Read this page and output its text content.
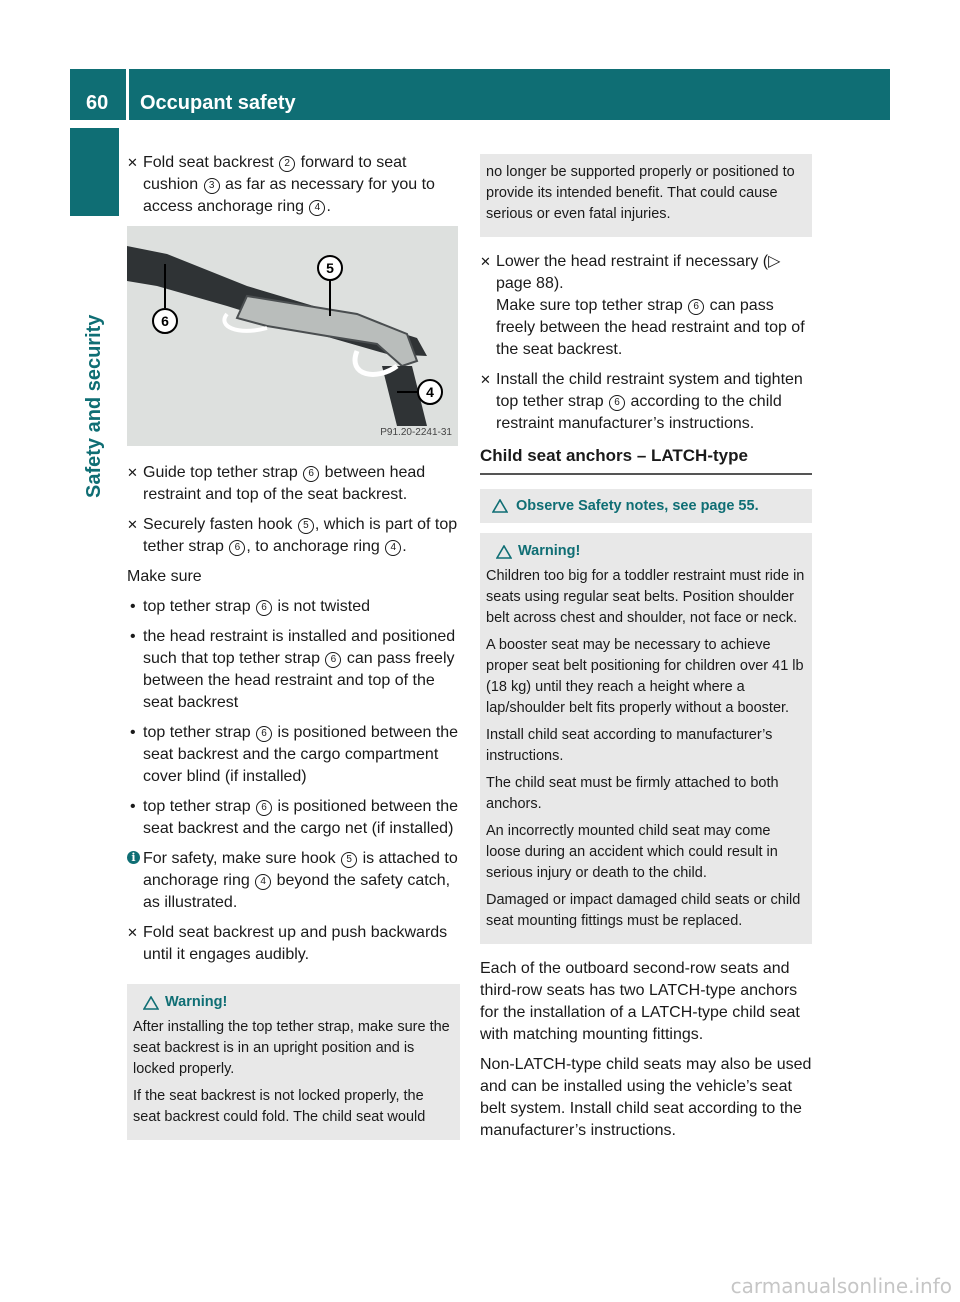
60	Occupant safety
Safety and security
✕ Fold seat backrest 2 forward to seat cushion 3 as far as necessary for you to access anchorage ring 4 .
5
6
4
P91.20-2241-31
✕ Guide top tether strap 6 between head restraint and top of the seat backrest.
✕ Securely fasten hook 5 , which is part of top tether strap 6 , to anchorage ring 4 .
Make sure
• top tether strap 6 is not twisted
• the head restraint is installed and positioned such that top tether strap 6 can pass freely between the head restraint and top of the seat backrest
• top tether strap 6 is positioned between the seat backrest and the cargo compartment cover blind (if installed)
• top tether strap 6 is positioned between the seat backrest and the cargo net (if installed)
i For safety, make sure hook 5 is attached to anchorage ring 4 beyond the safety catch, as illustrated.
✕ Fold seat backrest up and push backwards until it engages audibly.
Warning!

After installing the top tether strap, make sure the seat backrest is in an upright position and is locked properly.

If the seat backrest is not locked properly, the seat backrest could fold. The child seat would

no longer be supported properly or positioned to provide its intended benefit. That could cause serious or even fatal injuries.

✕ Lower the head restraint if necessary (▷ page 88).
Make sure top tether strap 6 can pass freely between the head restraint and top of the seat backrest.
✕ Install the child restraint system and tighten top tether strap 6 according to the child restraint manufacturer’s instructions.
Child seat anchors – LATCH-type
Observe Safety notes, see page 55.
Warning!

Children too big for a toddler restraint must ride in seats using regular seat belts. Position shoulder belt across chest and shoulder, not face or neck.

A booster seat may be necessary to achieve proper seat belt positioning for children over 41 lb (18 kg) until they reach a height where a lap/shoulder belt fits properly without a booster.

Install child seat according to manufacturer’s instructions.

The child seat must be firmly attached to both anchors.

An incorrectly mounted child seat may come loose during an accident which could result in serious injury or death to the child.

Damaged or impact damaged child seats or child seat mounting fittings must be replaced.

Each of the outboard second-row seats and third-row seats has two LATCH-type anchors for the installation of a LATCH-type child seat with matching mounting fittings.
Non-LATCH-type child seats may also be used and can be installed using the vehicle’s seat belt system. Install child seat according to the manufacturer’s instructions.
carmanualsonline.info
